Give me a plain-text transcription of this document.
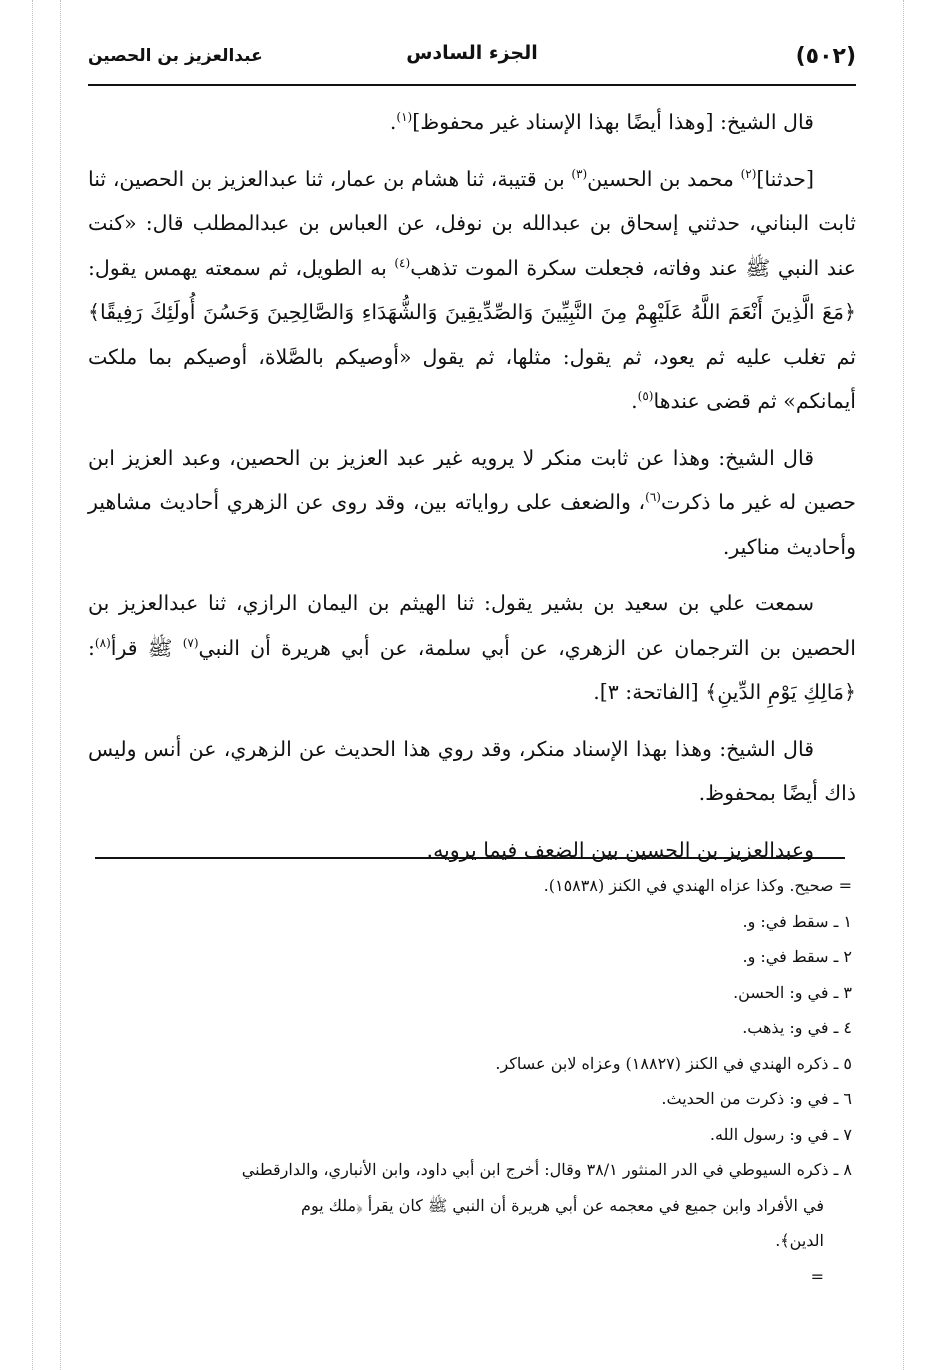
(٥٠٢)
الجزء السادس
عبدالعزيز بن الحصين

قال الشيخ: [وهذا أيضًا بهذا الإسناد غير محفوظ]$^{(١)}$.

[حدثنا]$^{(٢)}$ محمد بن الحسين$^{(٣)}$ بن قتيبة، ثنا هشام بن عمار، ثنا عبدالعزيز بن الحصين، ثنا ثابت البناني، حدثني إسحاق بن عبدالله بن نوفل، عن العباس بن عبدالمطلب قال: «كنت عند النبي ﷺ عند وفاته، فجعلت سكرة الموت تذهب$^{(٤)}$ به الطويل، ثم سمعته يهمس يقول: ﴿مَعَ الَّذِينَ أَنْعَمَ اللَّهُ عَلَيْهِمْ مِنَ النَّبِيِّينَ وَالصِّدِّيقِينَ وَالشُّهَدَاءِ وَالصَّالِحِينَ وَحَسُنَ أُولَئِكَ رَفِيقًا﴾ ثم تغلب عليه ثم يعود، ثم يقول: مثلها، ثم يقول «أوصيكم بالصَّلاة، أوصيكم بما ملكت أيمانكم» ثم قضى عندها$^{(٥)}$.

قال الشيخ: وهذا عن ثابت منكر لا يرويه غير عبد العزيز بن الحصين، وعبد العزيز ابن حصين له غير ما ذكرت$^{(٦)}$، والضعف على رواياته بين، وقد روى عن الزهري أحاديث مشاهير وأحاديث مناكير.

سمعت علي بن سعيد بن بشير يقول: ثنا الهيثم بن اليمان الرازي، ثنا عبدالعزيز بن الحصين بن الترجمان عن الزهري، عن أبي سلمة، عن أبي هريرة أن النبي$^{(٧)}$ ﷺ قرأ$^{(٨)}$: ﴿مَالِكِ يَوْمِ الدِّينِ﴾ [الفاتحة: ٣].

قال الشيخ: وهذا بهذا الإسناد منكر، وقد روي هذا الحديث عن الزهري، عن أنس وليس ذاك أيضًا بمحفوظ.

وعبدالعزيز بن الحسين بين الضعف فيما يرويه.

= صحيح. وكذا عزاه الهندي في الكنز (١٥٨٣٨).

١ ـ سقط في: و.

٢ ـ سقط في: و.

٣ ـ في و: الحسن.

٤ ـ في و: يذهب.

٥ ـ ذكره الهندي في الكنز (١٨٨٢٧) وعزاه لابن عساكر.

٦ ـ في و: ذكرت من الحديث.

٧ ـ في و: رسول الله.

٨ ـ ذكره السيوطي في الدر المنثور ٣٨/١ وقال: أخرج ابن أبي داود، وابن الأنباري، والدارقطني

في الأفراد وابن جميع في معجمه عن أبي هريرة أن النبي ﷺ كان يقرأ ﴿ملك يوم

الدين﴾.

=
